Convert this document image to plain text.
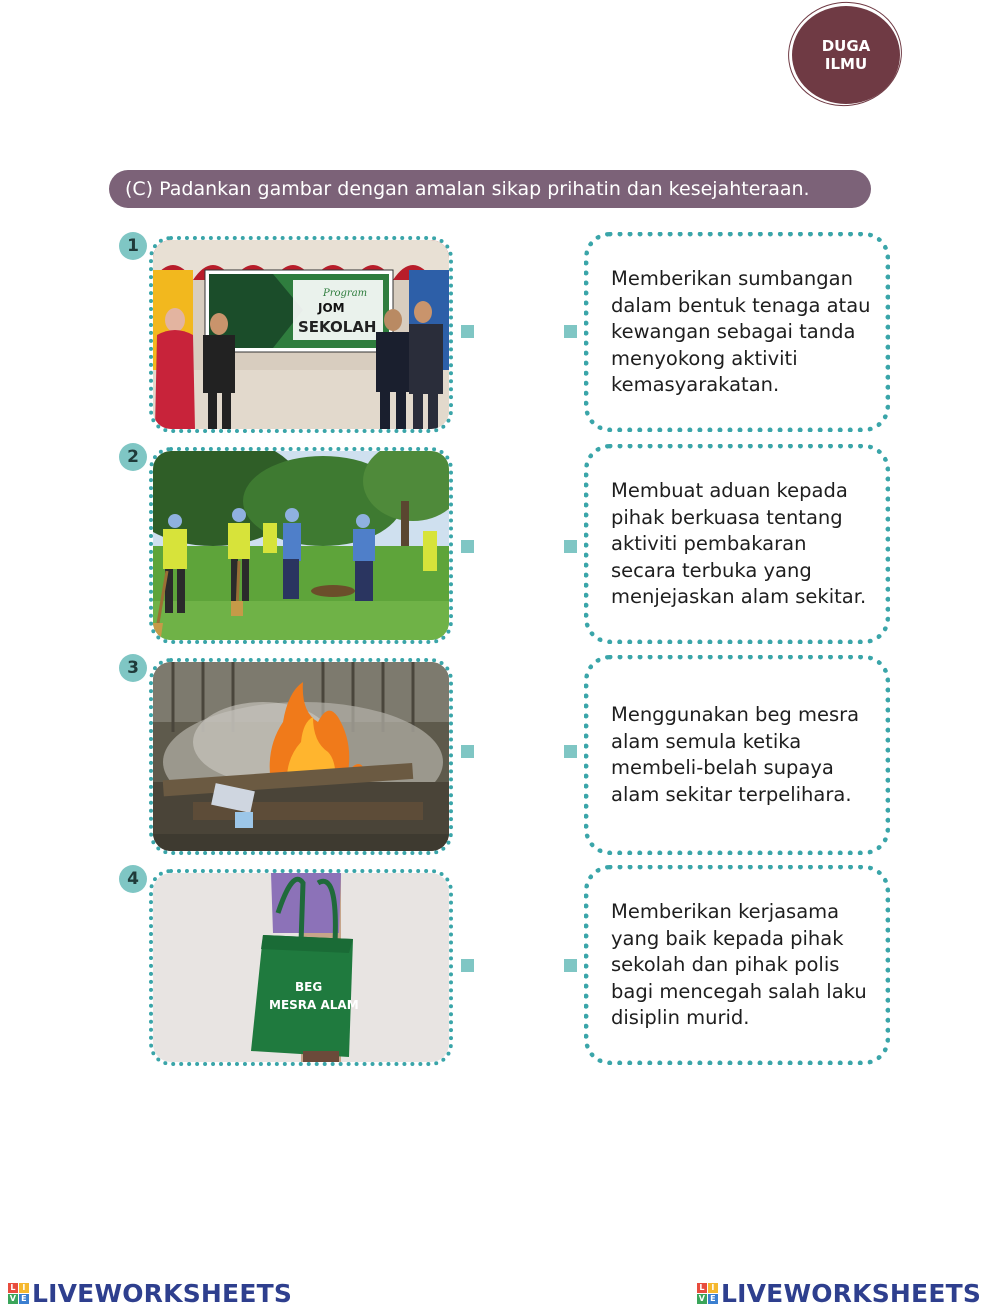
DUGA
ILMU
(C) Padankan gambar dengan amalan sikap prihatin dan kesejahteraan.
1
Program
JOM
SEKOLAH
2
3
4
BEG
MESRA ALAM
Memberikan sumbangan dalam bentuk tenaga atau kewangan sebagai tanda menyokong aktiviti kemasyarakatan.
Membuat aduan kepada pihak berkuasa tentang aktiviti pembakaran secara terbuka yang menjejaskan alam sekitar.
Menggunakan beg mesra alam semula ketika membeli-belah supaya alam sekitar terpelihara.
Memberikan kerjasama yang baik kepada pihak sekolah dan pihak polis bagi mencegah salah laku disiplin murid.
L I
V E LIVEWORKSHEETS	L I
V E LIVEWORKSHEETS
